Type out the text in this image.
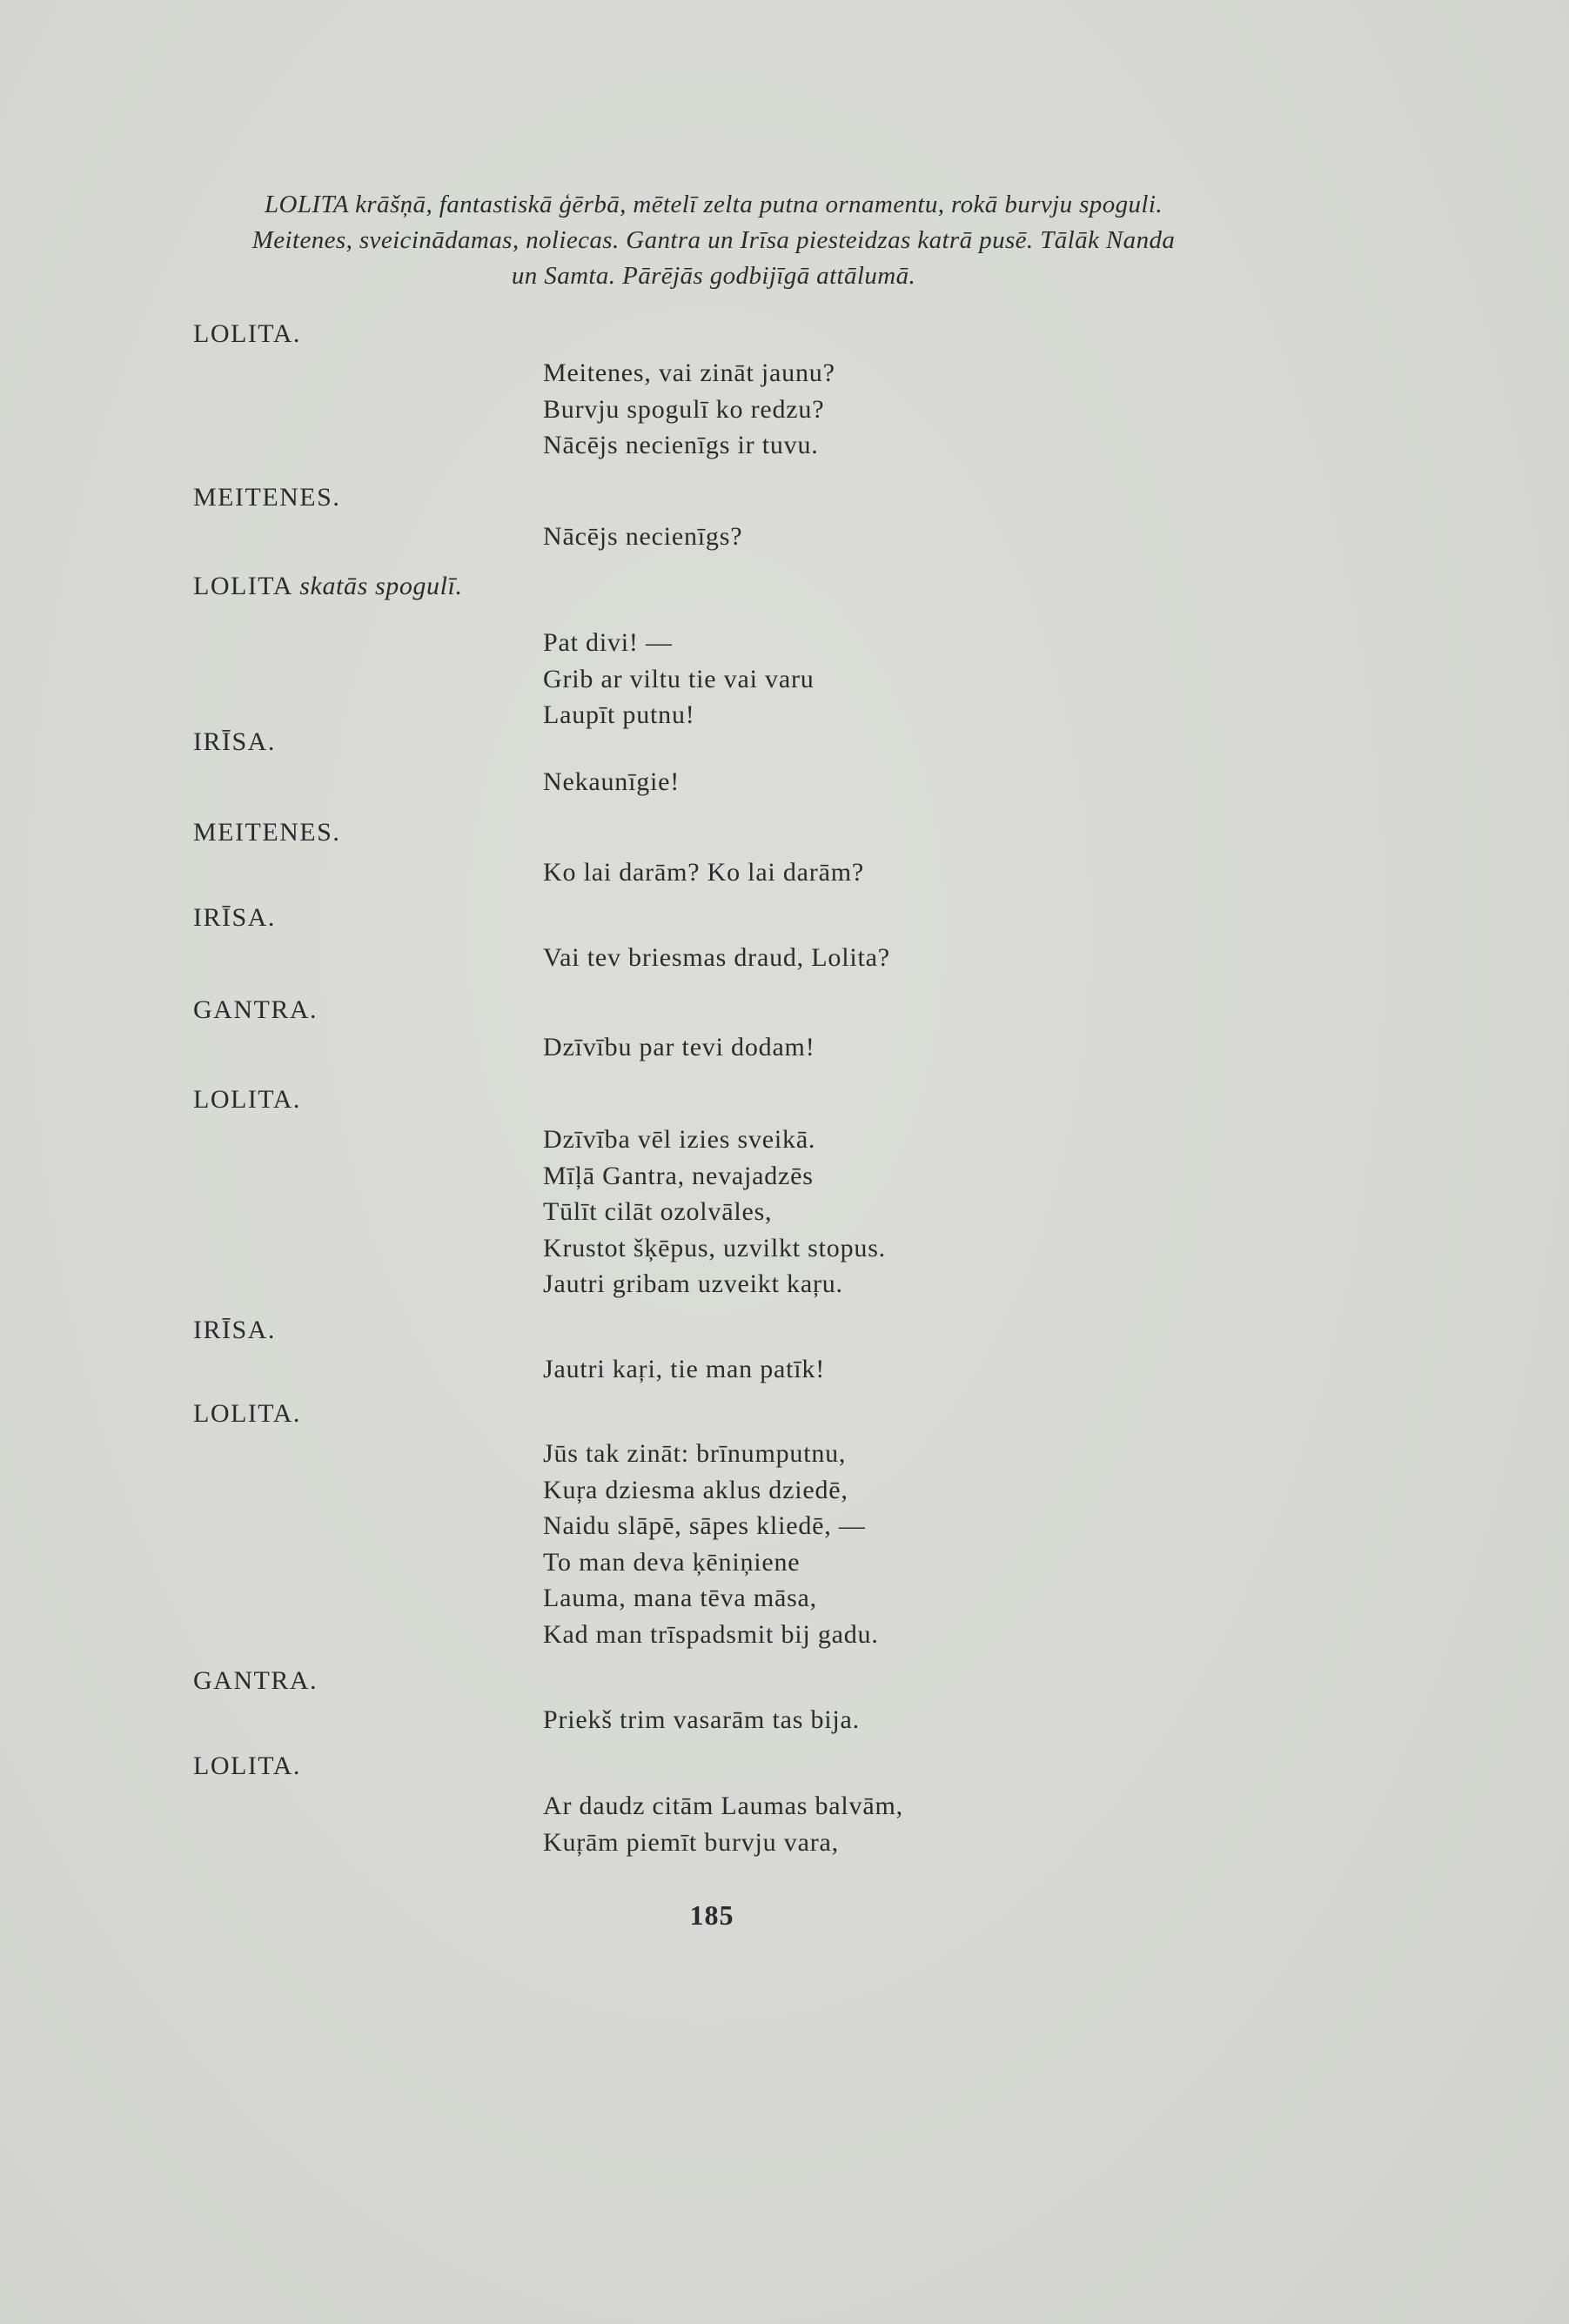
LOLITA krāšņā, fantastiskā ģērbā, mētelī zelta putna ornamentu, rokā burvju spoguli.
Meitenes, sveicinādamas, noliecas. Gantra un Irīsa piesteidzas katrā pusē. Tālāk Nanda
un Samta. Pārējās godbijīgā attālumā.
LOLITA.
Meitenes, vai zināt jaunu?
Burvju spogulī ko redzu?
Nācējs necienīgs ir tuvu.
MEITENES.
Nācējs necienīgs?
LOLITA skatās spogulī.
Pat divi! —
Grib ar viltu tie vai varu
Laupīt putnu!
IRĪSA.
Nekaunīgie!
MEITENES.
Ko lai darām? Ko lai darām?
IRĪSA.
Vai tev briesmas draud, Lolita?
GANTRA.
Dzīvību par tevi dodam!
LOLITA.
Dzīvība vēl izies sveikā.
Mīļā Gantra, nevajadzēs
Tūlīt cilāt ozolvāles,
Krustot šķēpus, uzvilkt stopus.
Jautri gribam uzveikt kaŗu.
IRĪSA.
Jautri kaŗi, tie man patīk!
LOLITA.
Jūs tak zināt: brīnumputnu,
Kuŗa dziesma aklus dziedē,
Naidu slāpē, sāpes kliedē, —
To man deva ķēniņiene
Lauma, mana tēva māsa,
Kad man trīspadsmit bij gadu.
GANTRA.
Priekš trim vasarām tas bija.
LOLITA.
Ar daudz citām Laumas balvām,
Kuŗām piemīt burvju vara,
185
